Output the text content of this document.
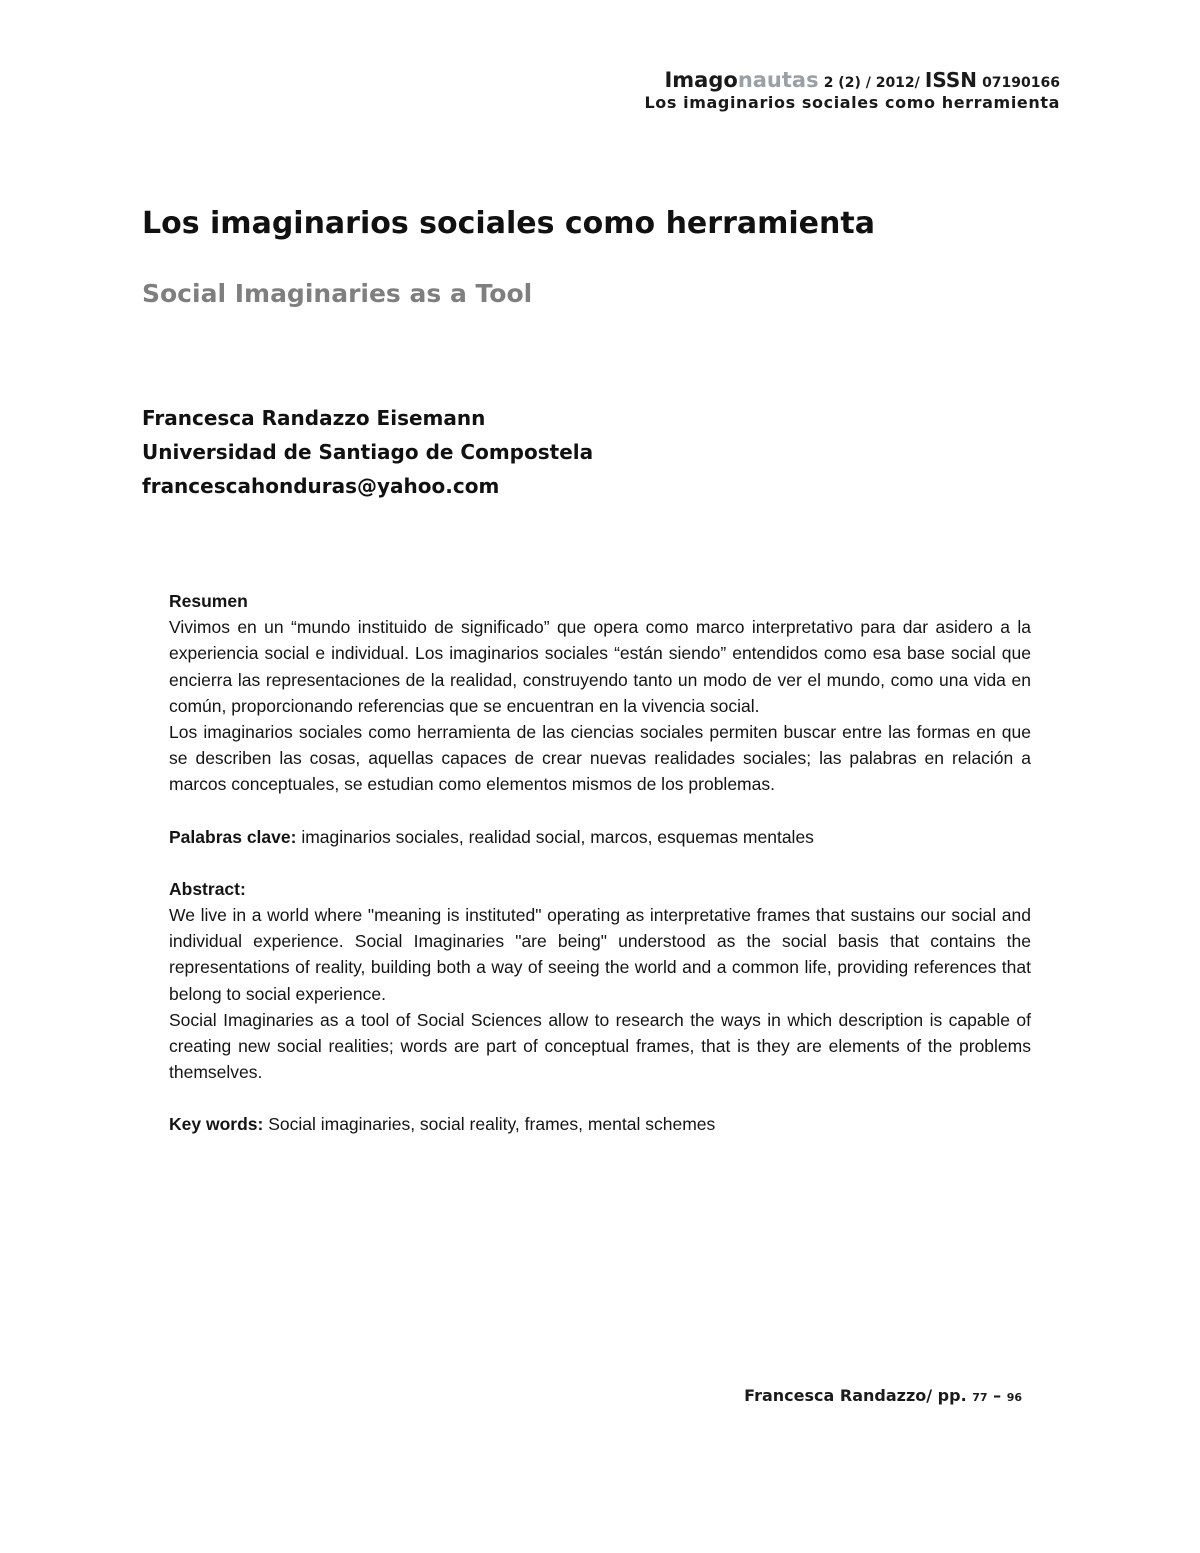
Imagonautas 2 (2) / 2012/ ISSN 07190166
Los imaginarios sociales como herramienta
Los imaginarios sociales como herramienta
Social Imaginaries as a Tool
Francesca Randazzo Eisemann
Universidad de Santiago de Compostela
francescahonduras@yahoo.com

Resumen

Vivimos en un “mundo instituido de significado” que opera como marco interpretativo para dar asidero a la experiencia social e individual. Los imaginarios sociales “están siendo” entendidos como esa base social que encierra las representaciones de la realidad, construyendo tanto un modo de ver el mundo, como una vida en común, proporcionando referencias que se encuentran en la vivencia social.

Los imaginarios sociales como herramienta de las ciencias sociales permiten buscar entre las formas en que se describen las cosas, aquellas capaces de crear nuevas realidades sociales; las palabras en relación a marcos conceptuales, se estudian como elementos mismos de los problemas.

Palabras clave: imaginarios sociales, realidad social, marcos, esquemas mentales

Abstract:

We live in a world where "meaning is instituted" operating as interpretative frames that sustains our social and individual experience. Social Imaginaries "are being" understood as the social basis that contains the representations of reality, building both a way of seeing the world and a common life, providing references that belong to social experience.

Social Imaginaries as a tool of Social Sciences allow to research the ways in which description is capable of creating new social realities; words are part of conceptual frames, that is they are elements of the problems themselves.

Key words: Social imaginaries, social reality, frames, mental schemes

Francesca Randazzo/ pp. 77 – 96
